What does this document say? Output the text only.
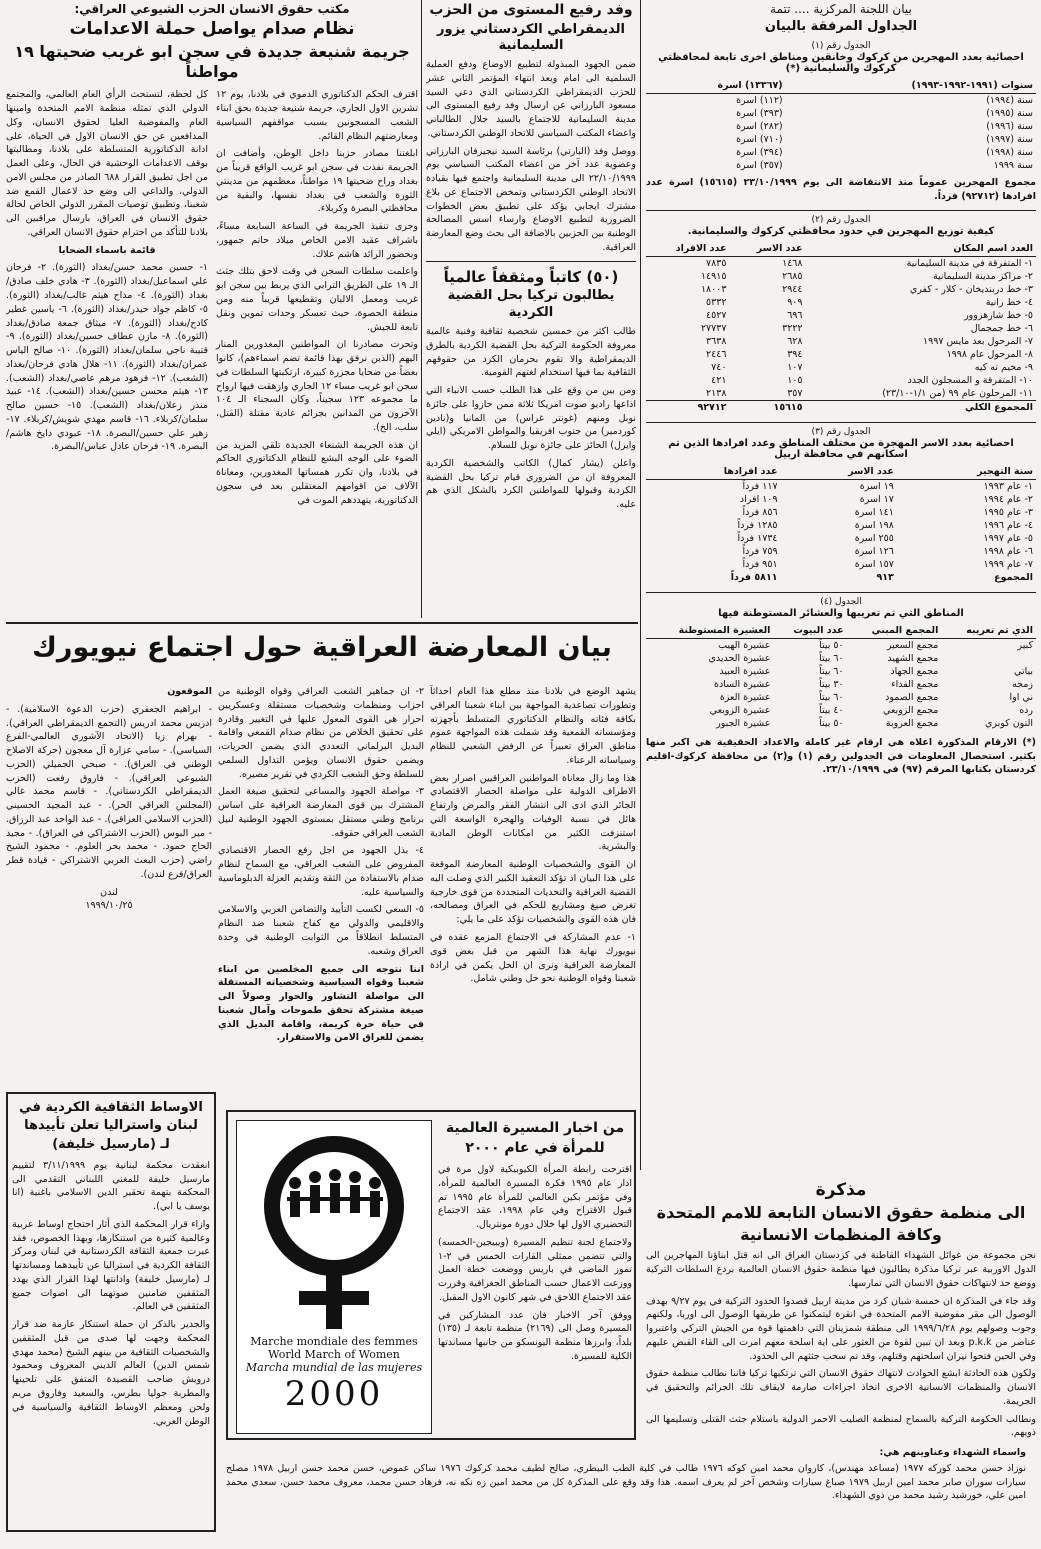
مكتب حقوق الانسان الحزب الشيوعي العراقي:
نظام صدام يواصل حملة الاعدامات
جريمة شنيعة جديدة في سجن ابو غريب ضحيتها ١٩ مواطناً

اقترف الحكم الدكتاتوري الدموي في بلادنا، يوم ١٢ تشرين الاول الجاري، جريمة شنيعة جديدة بحق ابناء الشعب المسجونين بسبب مواقفهم السياسية ومعارضتهم النظام القائم.

ابلغتنا مصادر حزبنا داخل الوطن، وأضافت ان الجريمة نفذت في سجن ابو غريب الواقع قريباً من بغداد وراح ضحيتها ١٩ مواطناً، معظمهم من مدينتي الثورة والشعب في بغداد نفسها، والبقية من محافظتي البصرة وكربلاء.

وجرى تنفيذ الجريمة في الساعة السابعة مساءً، باشراف عقيد الامن الخاص ميلاد حاتم جمهور، وبحضور الرائد هاشم علاك.

واعلمت سلطات السجن في وقت لاحق بتلك جثث الـ ١٩ على الطريق الترابي الذي يربط بين سجن ابو غريب ومعمل الالبان وتقطيعها قريباً منه ومن منطقة الحصوة، حيث تعسكر وحدات تموين ونقل تابعة للجيش.

وتحرت مصادرنا ان المواطنين المغدورين المنار اليهم (الذين نرفق بهذا قائمة تضم اسماءهم)، كانوا بعضاً من ضحايا مجزرة كبيرة، ارتكبتها السلطات في سجن ابو غريب مساء ١٢ الجاري وازهقت فيها ارواح ما مجموعه ١٢٣ سجيناً، وكان السجناء الـ ١٠٤ الآخرون من المدانين بجرائم عادية مقتلة (القتل، سلب، الخ).

ان هذه الجريمة الشنعاء الجديدة تلقي المزيد من الضوء على الوجه البشع للنظام الدكتاتوري الحاكم في بلادنا، وان تكرر همساتها المغدورين، ومعاناة الآلاف من اقوامهم المعتقلين بعد في سجون الدكتاتورية، يتهددهم الموت في

كل لحظة، لتستحث الرأي العام العالمي، والمجتمع الدولي الذي تمثله منظمة الامم المتحدة وامينها العام والمفوضية العليا لحقوق الانسان، وكل المدافعين عن حق الانسان الاول في الحياة، على ادانة الدكتاتورية المتسلطة على بلادنا، ومطالبتها بوقف الاعدامات الوحشية في الحال، وعلى العمل من اجل تطبيق القرار ٦٨٨ الصادر من مجلس الامن الدولي، والداعي الى وضع حد لاعمال القمع ضد شعبنا، وتطبيق توصيات المقرر الدولي الخاص لحالة حقوق الانسان في العراق، بارسال مراقبين الى بلادنا للتأكد من احترام حقوق الانسان العراقي.

قائمة باسماء الضحايا

١- حسين محمد حسن/بغداد (الثورة). ٢- فرحان علي اسماعيل/بغداد (الثورة). ٣- هادي خلف صادق/بغداد (الثورة). ٤- مداح هيثم غالب/بغداد (الثورة). ٥- كاظم جواد حيدر/بغداد (الثورة). ٦- ياسين غطير كادح/بغداد (الثورة). ٧- ميثاق جمعة صادق/بغداد (الثورة). ٨- مازن عطاف حسين/بغداد (الثورة). ٩- قتيبة ناجي سلمان/بغداد (الثورة). ١٠- صالح الياس عمران/بغداد (الثورة). ١١- هلال هادي فرحان/بغداد (الشعب). ١٢- فرهود مرهم عاصي/بغداد (الشعب). ١٣- هيثم محسن حسين/بغداد (الشعب). ١٤- عبيد منذر زعلان/بغداد (الشعب). ١٥- حسين صالح سلمان/كربلاء. ١٦- قاسم مهدي شويش/كربلاء. ١٧- زهير علي حسين/البصرة. ١٨- عبودي دايخ هاشم/البصرة. ١٩- فرحان عادل عباس/البصرة.

وفد رفيع المستوى من الحزب
الديمقراطي الكردستاني يزور السليمانية

ضمن الجهود المبذولة لتطبيع الاوضاع ودفع العملية السلمية الى امام وبعد انتهاء المؤتمر الثاني عشر للحزب الديمقراطي الكردستاني الذي دعي السيد مسعود البارزاني عن ارسال وفد رفيع المستوى الى مدينة السليمانية للاجتماع بالسيد جلال الطالباني واعضاء المكتب السياسي للاتحاد الوطني الكردستاني.

ووصل وفد (البارتي) برئاسة السيد نيجيرفان البارزاني وعضوية عدد آخر من اعضاء المكتب السياسي يوم ٢٢/١٠/١٩٩٩ الى مدينة السليمانية واجتمع فيها بقيادة الاتحاد الوطني الكردستاني وتمخض الاجتماع عن بلاغ مشترك ايجابي يؤكد على تطبيق بعض الخطوات الضرورية لتطبيع الاوضاع وارساء اسس المصالحة الوطنية بين الحزبين بالاضافة الى بحث وضع المعارضة العراقية.

(٥٠) كاتباً ومثقفاً عالمياً
يطالبون تركيا بحل القضية الكردية

طالب اكثر من خمسين شخصية ثقافية وفنية عالمية معروفة الحكومة التركية بحل القضية الكردية بالطرق الديمقراطية والا تقوم بحرمان الكرد من حقوقهم الثقافية بما فيها استخدام لغتهم القومية.

ومن بين من وقع على هذا الطلب حسب الانباء التي اذاعها راديو صوت امريكا ثلاثة ممن حازوا على جائزة نوبل ومنهم (غونتر غراس) من المانيا و(نادين كوردمير) من جنوب افريقيا والمواطن الامريكي (ايلي وايزل) الحائز على جائزة نوبل للسلام.

واعلن (يشار كمال) الكاتب والشخصية الكردية المعروفة ان من الضروري قيام تركيا بحل القضية الكردية وقبولها للمواطنين الكرد بالشكل الذي هم عليه.

بيان اللجنة المركزية .... تتمة
الجداول المرفقة بالبيان
الجدول رقم (١)
احصائية بعدد المهجرين من كركوك وخانقين ومناطق اخرى تابعة لمحافظتي كركوك والسليمانية (*)
سنوات (١٩٩١-١٩٩٢-١٩٩٣)	(١٣٣٦٧) اسرة
سنة (١٩٩٤)	(١١٢) اسرة
سنة (١٩٩٥)	(٣٩٣) اسرة
سنة (١٩٩٦)	(٢٨٢) اسرة
سنة (١٩٩٧)	(٧١٠) اسرة
سنة (١٩٩٨)	(٣٩٤) اسرة
سنة ١٩٩٩	(٣٥٧) اسرة
مجموع المهجرين عموماً منذ الانتفاضة الى يوم ٢٣/١٠/١٩٩٩ (١٥٦١٥) اسرة عدد افرادها (٩٢٧١٢) فرداً.
الجدول رقم (٢)
كيفية توزيع المهجرين في حدود محافظتي كركوك والسليمانية.
العدد اسم المكان	عدد الاسر	عدد الافراد
١- المتفرقة في مدينة السليمانية	١٤٦٨	٧٨٣٥
٢- مراكز مدينة السليمانية	٢٦٨٥	١٤٩١٥
٣- خط دربنديخان - كلار - كفري	٢٩٤٤	١٨٠٠٣
٤- خط رانية	٩٠٩	٥٣٣٢
٥- خط شارهزوور	٦٩٦	٤٥٢٧
٦- خط جمجمال	٣٢٢٢	٢٧٧٣٧
٧- المرحول بعد مايس ١٩٩٧	٦٢٨	٣٦٣٨
٨- المرحول عام ١٩٩٨	٣٩٤	٢٤٤٦
٩- مخيم ته كيه	١٠٧	٧٤٠
١٠- المتفرقة و المسجلون الجدد	١٠٥	٤٢١
١١- المرحلون عام ٩٩ (من ١/١-٢٣/١٠)	٣٥٧	٢١٣٨
المجموع الكلي	١٥٦١٥	٩٢٧١٢
الجدول رقم (٣)
احصائية بعدد الاسر المهجرة من مختلف المناطق وعدد افرادها الذين تم اسكانهم في محافظة اربيل
سنة التهجير	عدد الاسر	عدد افرادها
١- عام ١٩٩٣	١٩ اسرة	١١٧ فرداً
٢- عام ١٩٩٤	١٧ اسرة	١٠٩ افراد
٣- عام ١٩٩٥	١٤١ اسرة	٨٥٦ فرداً
٤- عام ١٩٩٦	١٩٨ اسرة	١٢٨٥ فرداً
٥- عام ١٩٩٧	٢٥٥ اسرة	١٧٣٤ فرداً
٦- عام ١٩٩٨	١٢٦ اسرة	٧٥٩ فرداً
٧- عام ١٩٩٩	١٥٧ اسرة	٩٥١ فرداً
المجموع	٩١٣	٥٨١١ فرداً
الجدول (٤)
المناطق التي تم تعريبها والعشائر المستوطنة فيها
الذي تم تعريبه	المجمع المبني	عدد البيوت	العشيرة المستوطنة
كبير	مجمع السعير	٥٠ بيتاً	عشيرة الهيب
	مجمع الشهيد	٦٠ بيتاً	عشيرة الحديدي
بياتي	مجمع الجهاد	٦٠ بيتاً	عشيرة العبيد
زمجه	مجمع الفداء	٣٠ بيتاً	عشيرة السادة
ني اوا	مجمع الصمود	٦٠ بيتاً	عشيرة العزة
رده	مجمع الزوبعي	٤٠ بيتاً	عشيرة الزوبعي
التون كوبري	مجمع العروبة	٥٠ بيتاً	عشيرة الجبور
(*) الارقام المذكورة اعلاه هي ارقام غير كاملة والاعداد الحقيقية هي اكبر منها بكثير. استحصال المعلومات في الجدولين رقم (١) و(٢) من محافظة كركوك-اقليم كردستان بكتابها المرقم (٩٧) في ٢٣/١٠/١٩٩٩.
بيان المعارضة العراقية حول اجتماع نيويورك

يشهد الوضع في بلادنا منذ مطلع هذا العام احداثاً وتطورات تصاعدية المواجهة بين ابناء شعبنا العراقي بكافة فئاته والنظام الدكتاتوري المتسلط بأجهزته ومؤسساته القمعية وقد شملت هذه المواجهة عموم مناطق العراق تعبيراً عن الرفض الشعبي للنظام وسياساته الرعناء.

هذا وما زال معاناة المواطنين العراقيين اصرار بعض الاطراف الدولية على مواصلة الحصار الاقتصادي الجائر الذي ادى الى انتشار الفقر والمرض وارتفاع هائل في نسبة الوفيات والهجرة الواسعة التي استنزفت الكثير من امكانات الوطن المادية والبشرية.

ان القوى والشخصيات الوطنية المعارضة الموقعة على هذا البيان اذ تؤكد التعقيد الكبير الذي وصلت اليه القضية العراقية والتحديات المتجددة من قوى خارجية تغرض صيغ ومشاريع للحكم في العراق ومصالحه، فان هذه القوى والشخصيات تؤكد على ما يلي:

١- عدم المشاركة في الاجتماع المزمع عقده في نيويورك نهاية هذا الشهر من قبل بعض قوى المعارضة العراقية ونرى ان الحل يكمن في ارادة شعبنا وقواه الوطنية نحو حل وطني شامل.

٢- ان جماهير الشعب العراقي وقواه الوطنية من احزاب ومنظمات وشخصيات مستقلة وعسكريين احرار هي القوى المعول عليها في التغيير وقادرة على تحقيق الخلاص من نظام صدام القمعي واقامة البديل البرلماني التعددي الذي يضمن الحريات، ويضمن حقوق الانسان ويؤمن التداول السلمي للسلطة وحق الشعب الكردي في تقرير مصيره.

٣- مواصلة الجهود والمساعي لتحقيق صيغة العمل المشترك بين قوى المعارضة العراقية على اساس برنامج وطني مستقل بمستوى الجهود الوطنية لنيل الشعب العراقي حقوقه.

٤- بذل الجهود من اجل رفع الحصار الاقتصادي المفروض على الشعب العراقي، مع السماح لنظام صدام بالاستفادة من الثقة وتقديم العزلة الدبلوماسية والسياسية عليه.

٥- السعي لكسب التأييد والتضامن العربي والاسلامي والاقليمي والدولي مع كفاح شعبنا ضد النظام المتسلط انطلاقاً من الثوابت الوطنية في وحدة العراق وشعبه.

اننا نتوجه الى جميع المخلصين من ابناء شعبنا وقواه السياسية وشخصياته المستقلة الى مواصلة التشاور والحوار وصولاً الى صيغة مشتركة تحقق طموحات وآمال شعبنا في حياة حرة كريمة، واقامة البديل الذي يضمن للعراق الامن والاستقرار.

الموقعون

- ابراهيم الجعفري (حزب الدعوة الاسلامية). - ادريس محمد ادريس (التجمع الديمقراطي العراقي). - بهرام زيا (الاتحاد الآشوري العالمي-الفرع السياسي). - سامي عزارة آل معجون (حركة الاصلاح الوطني في العراق). - صبحي الجميلي (الحزب الشيوعي العراقي). - فاروق رفعت (الحزب الديمقراطي الكردستاني). - قاسم محمد غالي (المجلس العراقي الحر). - عبد المجيد الحسيني (الحزب الاسلامي العراقي). - عبد الواحد عبد الرزاق. - مير البوس (الحزب الاشتراكي في العراق). - مجيد الحاج حمود. - محمد بحر العلوم. - محمود الشيخ راضي (حزب البعث العربي الاشتراكي - قيادة قطر العراق/فرع لندن).

لندن

١٩٩٩/١٠/٢٥

الاوساط الثقافية الكردية في
لبنان واستراليا تعلن تأييدها
لـ (مارسيل خليفة)

انعقدت محكمة لبنانية يوم ٣/١١/١٩٩٩ لتقييم مارسيل خليفة للمغني اللبناني التقدمي الى المحكمة بتهمة تحقير الدين الاسلامي باغنية (انا يوسف يا ابي).

وازاء قرار المحكمة الذي أثار احتجاج اوساط عربية وعالمية كثيرة من استنكارها، وبهذا الخصوص، فقد عبرت جمعية الثقافة الكردستانية في لبنان ومركز الثقافة الكردية في استراليا عن تأييدهما ومساندتها لـ (مارسيل خليفة) وادانتها لهذا القرار الذي يهدد المثقفين ضامنين صوتهما الى اصوات جميع المثقفين في العالم.

والجدير بالذكر ان حملة استنكار عارمة ضد قرار المحكمة وجهت لها صدى من قبل المثقفين والشخصيات الثقافية من بينهم الشيخ (محمد مهدي شمس الدين) العالم الديني المعروف ومحمود درويش صاحب القصيدة المتفق على تلحينها والمطربة جوليا بطرس، والسعيد وفاروق مريم ولحن ومعظم الاوساط الثقافية والسياسية في الوطن العربي.

من اخبار المسيرة العالمية
للمرأة في عام ٢٠٠٠

اقترحت رابطة المرأة الكيوبيكية لاول مرة في اذار عام ١٩٩٥ فكرة المسيرة العالمية للمرأة، وفي مؤتمر بكين العالمي للمرأة عام ١٩٩٥ تم قبول الاقتراح وفي عام ١٩٩٨، عقد الاجتماع التحضيري الاول لها خلال دورة مونتريال.

ولاجتماع لجنة تنظيم المسيرة (ويبيجين-الخمسه) والتي تتضمن ممثلي القارات الخمس في ٢-١ تموز الماضي في باريس ووضعت خطة العمل ووزعت الاعمال حسب المناطق الجغرافية وقررت عقد الاجتماع اللاحق في شهر كانون الاول المقبل.

ووفق آخر الاخبار فان عدد المشاركين في المسيرة وصل الى (٢١٦٩) منظمة تابعة لـ (١٣٥) بلداً، وابرزها منظمة اليونسكو من جانبها مساندتها الكلية للمسيرة.

Marche mondiale des femmes
World March of Women
Marcha mundial de las mujeres
2000

واسماء الشهداء وعناوينهم هي:

نوزاد حسن محمد كوركه ١٩٧٧ (مساعد مهندس)، كاروان محمد امين كوكه ١٩٧٦ طالب في كلية الطب البيطري، صالح لطيف محمد كركوك ١٩٧٦ ساكن عموص، حسن محمد حسن اربيل ١٩٧٨ مصلح سيارات سوران صابر محمد امين اربيل ١٩٧٩ صباغ سيارات وشخص آخر لم يعرف اسمه. هذا وقد وقع على المذكرة كل من محمد امين زه نكه نه، فرهاد حسن محمد، معروف محمد حسن، سعدي محمد امين علي، خورشيد رشيد محمد من ذوي الشهداء.

مذكرة
الى منظمة حقوق الانسان التابعة للامم المتحدة
وكافة المنظمات الانسانية

نحن مجموعة من عوائل الشهداء القاطنة في كردستان العراق الى انه قتل ابناؤنا المهاجرين الى الدول الاوربية عبر تركيا مذكرة يطالبون فيها منظمة حقوق الانسان العالمية بردع السلطات التركية ووضع حد لانتهاكات حقوق الانسان التي تمارسها.

وقد جاء في المذكرة ان خمسة شبان كرد من مدينة اربيل قصدوا الحدود التركية في يوم ٩/٢٧ بهدف الوصول الى مقر مفوضية الامم المتحدة في انقرة ليتمكنوا عن طريقها الوصول الى اوربا، ولكنهم وجوب وصولهم يوم ١٩٩٩/٦/٢٨ الى منطقة شمزينان التي داهمتها قوة من الجيش التركي واعتبروا عناصر من p.k.k وبعد ان تبين لقوة من العثور على اية اسلحة معهم امرت الى القاء القبض عليهم وفي الحين فتحوا نيران اسلحتهم وقتلهم، وقد تم سحب جثثهم الى الحدود.

ولكون هذه الحادثة ابشع الحوادث لانتهاك حقوق الانسان التي ترتكبها تركيا فاننا نطالب منظمة حقوق الانسان والمنظمات الانسانية الاخرى اتخاذ اجراءات صارمة لايقاف تلك الجرائم والتحقيق في الجريمة.

ونطالب الحكومة التركية بالسماح لمنظمة الصليب الاحمر الدولية باستلام جثث القتلى وتسليمها الى ذويهم.
